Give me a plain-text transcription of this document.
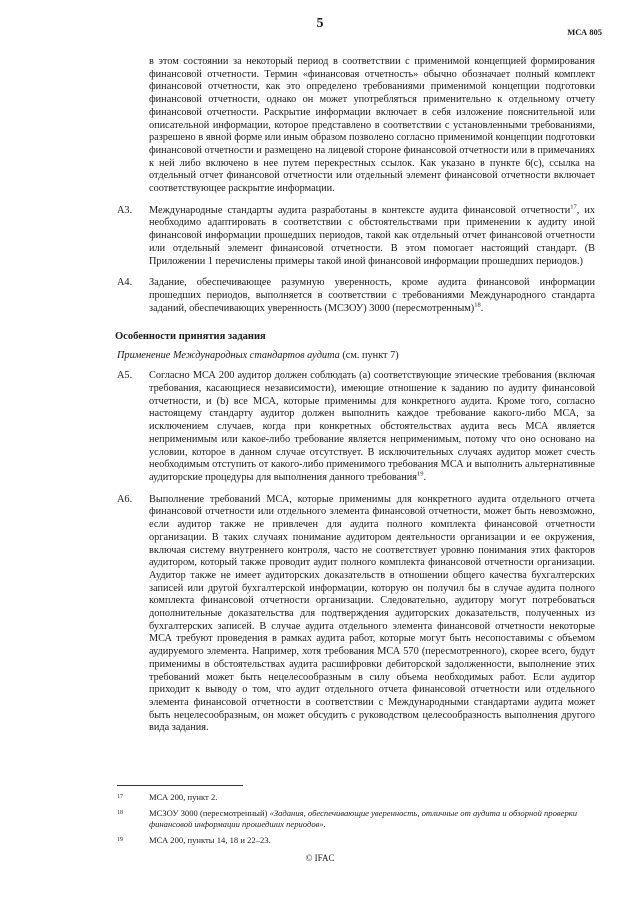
5
МСА 805

в этом состоянии за некоторый период в соответствии с применимой концепцией формирования финансовой отчетности. Термин «финансовая отчетность» обычно обозначает полный комплект финансовой отчетности, как это определено требованиями применимой концепции подготовки финансовой отчетности, однако он может употребляться применительно к отдельному отчету финансовой отчетности. Раскрытие информации включает в себя изложение пояснительной или описательной информации, которое представлено в соответствии с установленными требованиями, разрешено в явной форме или иным образом позволено согласно применимой концепции подготовки финансовой отчетности и размещено на лицевой стороне финансовой отчетности или в примечаниях к ней либо включено в нее путем перекрестных ссылок. Как указано в пункте 6(c), ссылка на отдельный отчет финансовой отчетности или отдельный элемент финансовой отчетности включает соответствующее раскрытие информации.

A3.	Международные стандарты аудита разработаны в контексте аудита финансовой отчетности$^{17}$, их необходимо адаптировать в соответствии с обстоятельствами при применении к аудиту иной финансовой информации прошедших периодов, такой как отдельный отчет финансовой отчетности или отдельный элемент финансовой отчетности. В этом помогает настоящий стандарт. (В Приложении 1 перечислены примеры такой иной финансовой информации прошедших периодов.)

A4.	Задание, обеспечивающее разумную уверенность, кроме аудита финансовой информации прошедших периодов, выполняется в соответствии с требованиями Международного стандарта заданий, обеспечивающих уверенность (МСЗОУ) 3000 (пересмотренным)$^{18}$.

Особенности принятия задания

Применение Международных стандартов аудита (см. пункт 7)

A5.	Согласно МСА 200 аудитор должен соблюдать (a) соответствующие этические требования (включая требования, касающиеся независимости), имеющие отношение к заданию по аудиту финансовой отчетности, и (b) все МСА, которые применимы для конкретного аудита. Кроме того, согласно настоящему стандарту аудитор должен выполнить каждое требование какого-либо МСА, за исключением случаев, когда при конкретных обстоятельствах аудита весь МСА является неприменимым или какое-либо требование является неприменимым, потому что оно основано на условии, которое в данном случае отсутствует. В исключительных случаях аудитор может счесть необходимым отступить от какого-либо применимого требования МСА и выполнить альтернативные аудиторские процедуры для выполнения данного требования$^{19}$.

A6.	Выполнение требований МСА, которые применимы для конкретного аудита отдельного отчета финансовой отчетности или отдельного элемента финансовой отчетности, может быть невозможно, если аудитор также не привлечен для аудита полного комплекта финансовой отчетности организации. В таких случаях понимание аудитором деятельности организации и ее окружения, включая систему внутреннего контроля, часто не соответствует уровню понимания этих факторов аудитором, который также проводит аудит полного комплекта финансовой отчетности организации. Аудитор также не имеет аудиторских доказательств в отношении общего качества бухгалтерских записей или другой бухгалтерской информации, которую он получил бы в случае аудита полного комплекта финансовой отчетности организации. Следовательно, аудитору могут потребоваться дополнительные доказательства для подтверждения аудиторских доказательств, полученных из бухгалтерских записей. В случае аудита отдельного элемента финансовой отчетности некоторые МСА требуют проведения в рамках аудита работ, которые могут быть несопоставимы с объемом аудируемого элемента. Например, хотя требования МСА 570 (пересмотренного), скорее всего, будут применимы в обстоятельствах аудита расшифровки дебиторской задолженности, выполнение этих требований может быть нецелесообразным в силу объема необходимых работ. Если аудитор приходит к выводу о том, что аудит отдельного отчета финансовой отчетности или отдельного элемента финансовой отчетности в соответствии с Международными стандартами аудита может быть нецелесообразным, он может обсудить с руководством целесообразность выполнения другого вида задания.

17	МСА 200, пункт 2.
18	МСЗОУ 3000 (пересмотренный) «Задания, обеспечивающие уверенность, отличные от аудита и обзорной проверки финансовой информации прошедших периодов».
19	МСА 200, пункты 14, 18 и 22–23.
© IFAC
